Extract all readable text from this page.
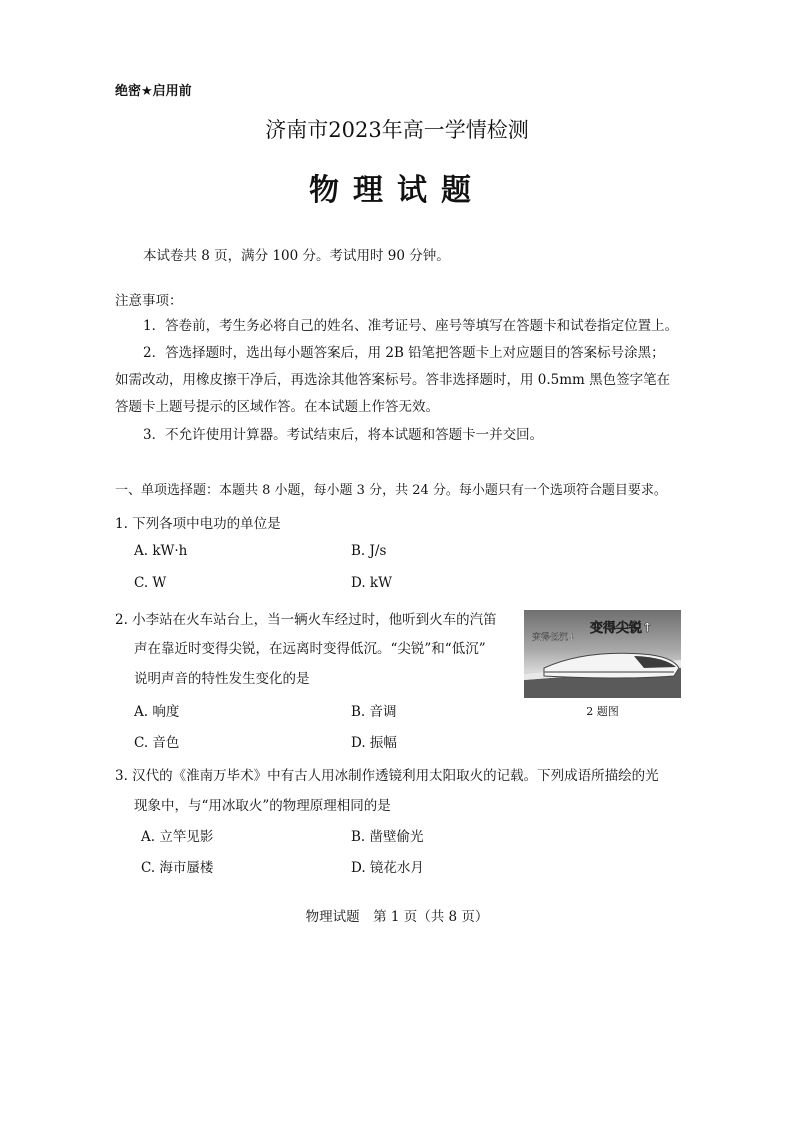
绝密★启用前
济南市2023年高一学情检测
物理试题
本试卷共 8 页，满分 100 分。考试用时 90 分钟。
注意事项：
1．答卷前，考生务必将自己的姓名、准考证号、座号等填写在答题卡和试卷指定位置上。
2．答选择题时，选出每小题答案后，用 2B 铅笔把答题卡上对应题目的答案标号涂黑；
如需改动，用橡皮擦干净后，再选涂其他答案标号。答非选择题时，用 0.5mm 黑色签字笔在
答题卡上题号提示的区域作答。在本试题上作答无效。
3．不允许使用计算器。考试结束后，将本试题和答题卡一并交回。
一、单项选择题：本题共 8 小题，每小题 3 分，共 24 分。每小题只有一个选项符合题目要求。
1. 下列各项中电功的单位是
A. kW·h	B. J/s
C. W	D. kW
2. 小李站在火车站台上，当一辆火车经过时，他听到火车的汽笛
声在靠近时变得尖锐，在远离时变得低沉。“尖锐”和“低沉”
说明声音的特性发生变化的是
变得低沉↓
变得尖锐↑
2 题图
A. 响度	B. 音调
C. 音色	D. 振幅
3. 汉代的《淮南万毕术》中有古人用冰制作透镜利用太阳取火的记载。下列成语所描绘的光
现象中，与“用冰取火”的物理原理相同的是
A. 立竿见影	B. 凿壁偷光
C. 海市蜃楼	D. 镜花水月
物理试题　第 1 页（共 8 页）
